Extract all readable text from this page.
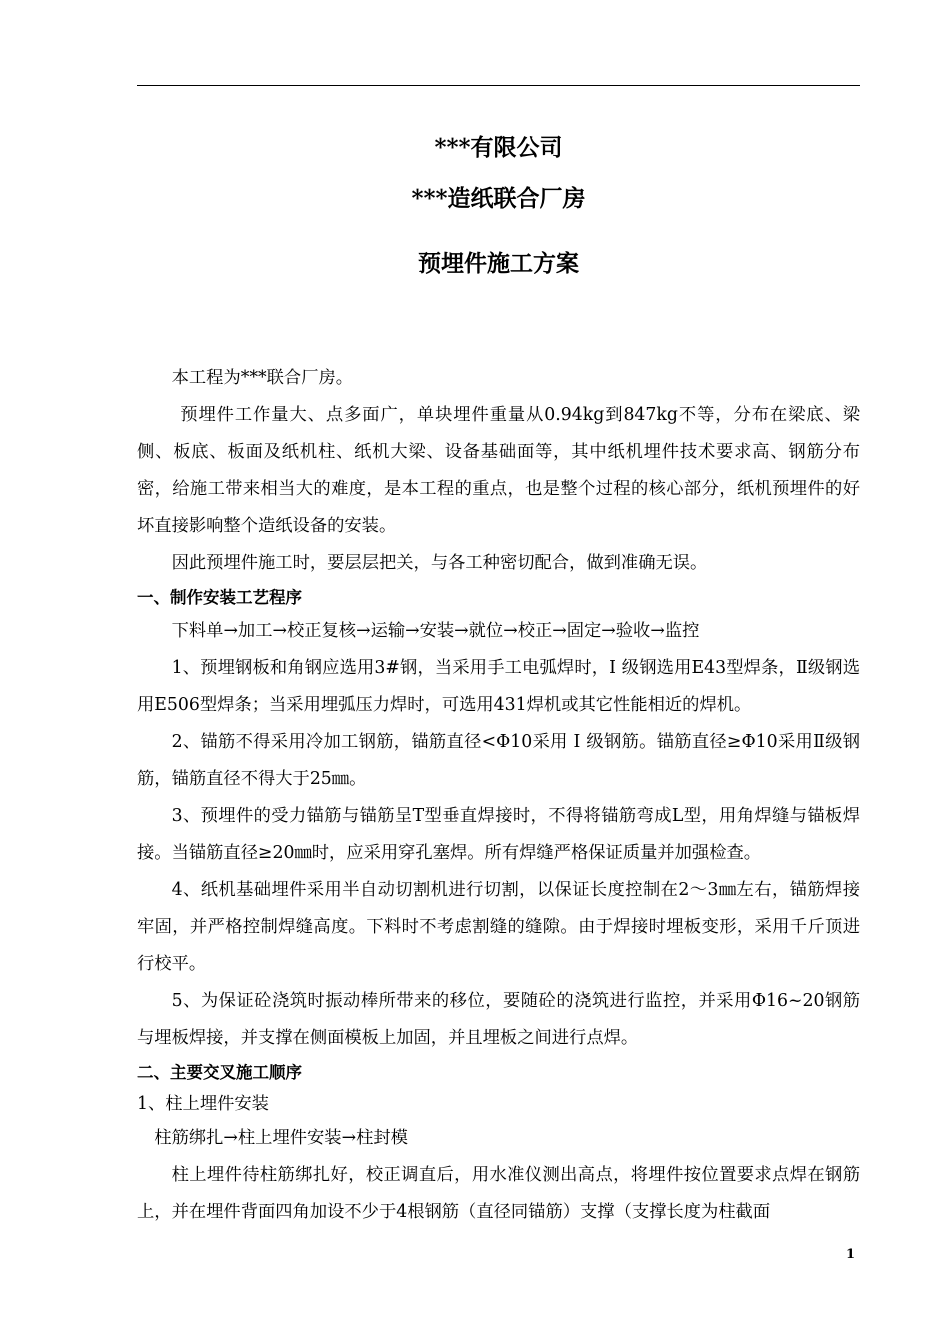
***有限公司
***造纸联合厂房
预埋件施工方案

本工程为***联合厂房。

预埋件工作量大、点多面广，单块埋件重量从0.94kg到847kg不等，分布在梁底、梁侧、板底、板面及纸机柱、纸机大梁、设备基础面等，其中纸机埋件技术要求高、钢筋分布密，给施工带来相当大的难度，是本工程的重点，也是整个过程的核心部分，纸机预埋件的好坏直接影响整个造纸设备的安装。

因此预埋件施工时，要层层把关，与各工种密切配合，做到准确无误。

一、制作安装工艺程序

下料单→加工→校正复核→运输→安装→就位→校正→固定→验收→监控

1、预埋钢板和角钢应选用3#钢，当采用手工电弧焊时，Ⅰ 级钢选用E43型焊条，Ⅱ级钢选用E506型焊条；当采用埋弧压力焊时，可选用431焊机或其它性能相近的焊机。

2、锚筋不得采用冷加工钢筋，锚筋直径<Φ10采用 Ⅰ 级钢筋。锚筋直径≥Φ10采用Ⅱ级钢筋，锚筋直径不得大于25㎜。

3、预埋件的受力锚筋与锚筋呈T型垂直焊接时，不得将锚筋弯成L型，用角焊缝与锚板焊接。当锚筋直径≥20㎜时，应采用穿孔塞焊。所有焊缝严格保证质量并加强检查。

4、纸机基础埋件采用半自动切割机进行切割，以保证长度控制在2～3㎜左右，锚筋焊接牢固，并严格控制焊缝高度。下料时不考虑割缝的缝隙。由于焊接时埋板变形，采用千斤顶进行校平。

5、为保证砼浇筑时振动棒所带来的移位，要随砼的浇筑进行监控，并采用Φ16~20钢筋与埋板焊接，并支撑在侧面模板上加固，并且埋板之间进行点焊。

二、主要交叉施工顺序

1、柱上埋件安装

柱筋绑扎→柱上埋件安装→柱封模

柱上埋件待柱筋绑扎好，校正调直后，用水准仪测出高点，将埋件按位置要求点焊在钢筋上，并在埋件背面四角加设不少于4根钢筋（直径同锚筋）支撑（支撑长度为柱截面

1
